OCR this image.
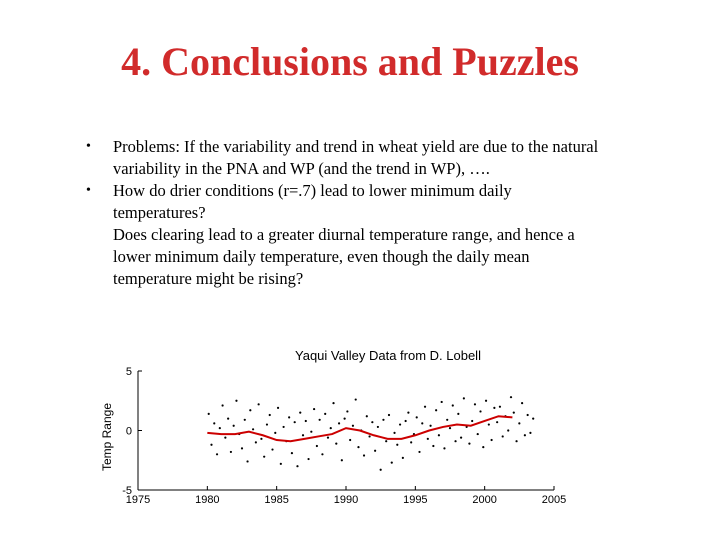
4. Conclusions and Puzzles
•	Problems: If the variability and trend in wheat yield are due to the natural variability in the PNA and WP (and the trend in WP), ….
•	How do drier conditions (r=.7) lead to lower minimum daily temperatures?
Does clearing lead to a greater diurnal temperature range, and hence a lower minimum daily temperature, even though the daily mean temperature might be rising?
Yaqui Valley Data from D. Lobell
Temp Range
-5
0
5
1975	1980	1985	1990	1995	2000	2005
